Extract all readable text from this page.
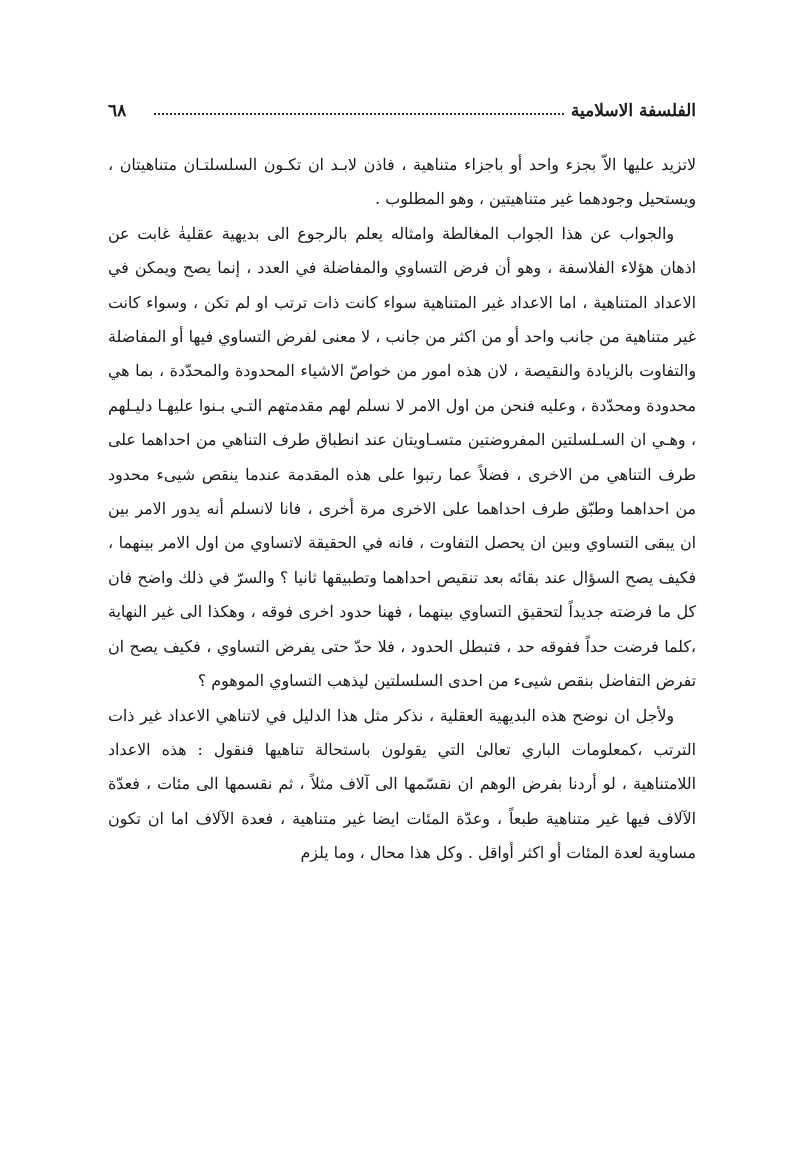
الفلسفة الاسلامية
٦٨

لاتزيد عليها الاّ بجزء واحد أو باجزاء متناهية ، فاذن لابـد ان تكـون السلسلتـان متناهيتان ، ويستحيل وجودهما غير متناهيتين ، وهو المطلوب .

والجواب عن هذا الجواب المغالطة وامثاله يعلم بالرجوع الى بديهية عقليةٰ غابت عن اذهان هؤلاء الفلاسفة ، وهو أن فرض التساوي والمفاضلة في العدد ، إنما يصح ويمكن في الاعداد المتناهية ، اما الاعداد غير المتناهية سواء كانت ذات ترتب او لم تكن ، وسواء كانت غير متناهية من جانب واحد أو من اكثر من جانب ، لا معنى لفرض التساوي فيها أو المفاضلة والتفاوت بالزيادة والنقيصة ، لان هذه امور من خواصّ الاشياء المحدودة والمحدّدة ، بما هي محدودة ومحدّدة ، وعليه فنحن من اول الامر لا نسلم لهم مقدمتهم التـي بـنوا عليهـا دليـلهم ، وهـي ان السـلسلتين المفروضتين متسـاويتان عند انطباق طرف التناهي من احداهما على طرف التناهي من الاخرى ، فضلاً عما رتبوا على هذه المقدمة عندما ينقص شيىء محدود من احداهما وطبّق طرف احداهما على الاخرى مرة أخرى ، فانا لانسلم أنه يدور الامر بين ان يبقى التساوي وبين ان يحصل التفاوت ، فانه في الحقيقة لاتساوي من اول الامر بينهما ، فكيف يصح السؤال عند بقائه بعد تنقيص احداهما وتطبيقها ثانيا ؟ والسرّ في ذلك واضح فان كل ما فرضته جديداً لتحقيق التساوي بينهما ، فهنا حدود اخرى فوقه ، وهكذا الى غير النهاية ،كلما فرضت حداً ففوقه حد ، فتبطل الحدود ، فلا حدّ حتى يفرض التساوي ، فكيف يصح ان تفرض التفاضل بنقص شيىء من احدى السلسلتين ليذهب التساوي الموهوم ؟

ولأجل ان نوضح هذه البديهية العقلية ، نذكر مثل هذا الدليل في لاتناهي الاعداد غير ذات الترتب ،كمعلومات الباري تعالىٰ التي يقولون باستحالة تناهيها فنقول : هذه الاعداد اللامتناهية ، لو أردنا بفرض الوهم ان نقسّمها الى آلاف مثلاً ، ثم نقسمها الى مئات ، فعدّة الآلاف فيها غير متناهية طبعاً ، وعدّة المئات ايضا غير متناهية ، فعدة الآلاف اما ان تكون مساوية لعدة المئات أو اكثر أواقل . وكل هذا محال ، وما يلزم
